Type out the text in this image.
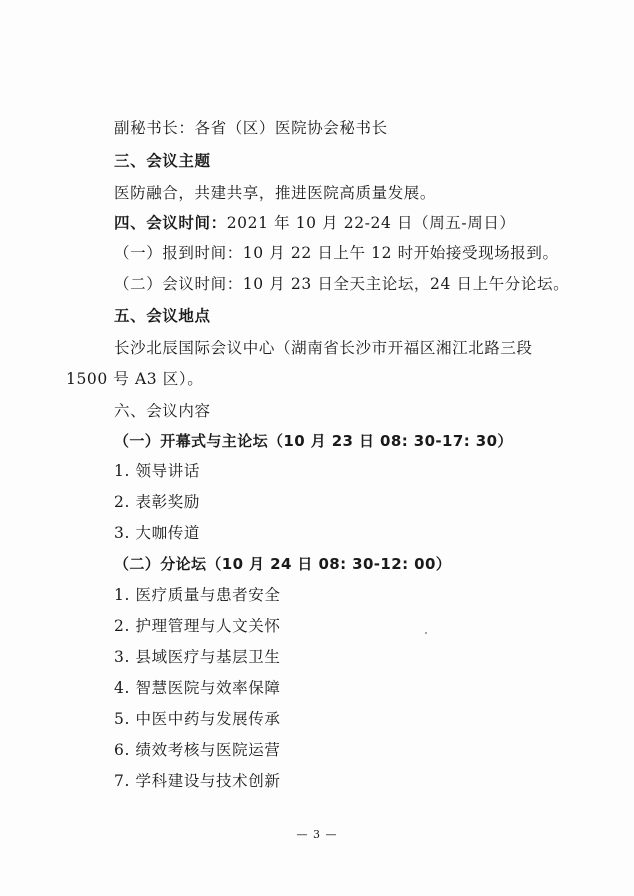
副秘书长：各省（区）医院协会秘书长
三、会议主题
医防融合，共建共享，推进医院高质量发展。
四、会议时间：2021 年 10 月 22-24 日（周五-周日）
（一）报到时间：10 月 22 日上午 12 时开始接受现场报到。
（二）会议时间：10 月 23 日全天主论坛，24 日上午分论坛。
五、会议地点
长沙北辰国际会议中心（湖南省长沙市开福区湘江北路三段
1500 号 A3 区）。
六、会议内容
（一）开幕式与主论坛（10 月 23 日 08: 30-17: 30）
1. 领导讲话
2. 表彰奖励
3. 大咖传道
（二）分论坛（10 月 24 日 08: 30-12: 00）
1. 医疗质量与患者安全
2. 护理管理与人文关怀
3. 县域医疗与基层卫生
4. 智慧医院与效率保障
5. 中医中药与发展传承
6. 绩效考核与医院运营
7. 学科建设与技术创新
— 3 —
